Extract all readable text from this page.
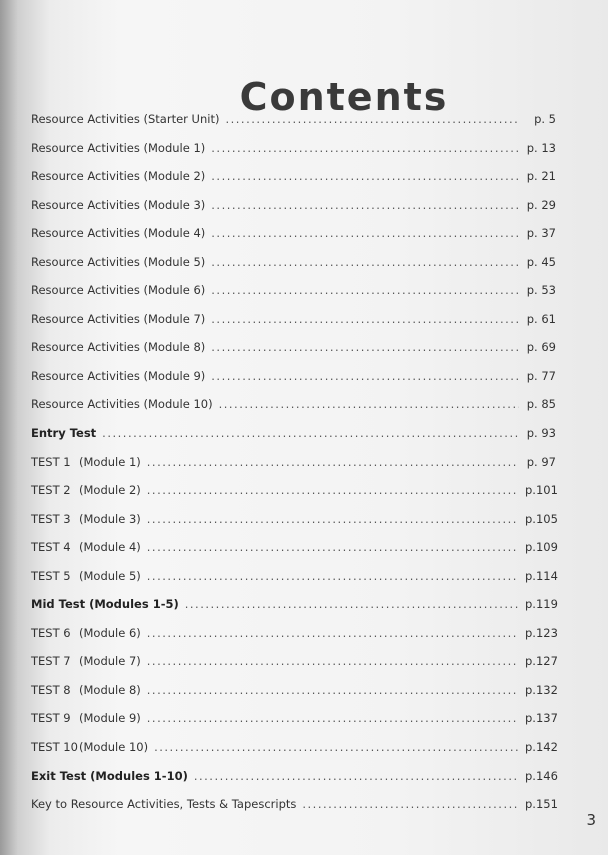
Contents
Resource Activities (Starter Unit) .....	p. 5
Resource Activities (Module 1) .....	p. 13
Resource Activities (Module 2) .....	p. 21
Resource Activities (Module 3) .....	p. 29
Resource Activities (Module 4) .....	p. 37
Resource Activities (Module 5) .....	p. 45
Resource Activities (Module 6) .....	p. 53
Resource Activities (Module 7) .....	p. 61
Resource Activities (Module 8) .....	p. 69
Resource Activities (Module 9) .....	p. 77
Resource Activities (Module 10) .....	p. 85
Entry Test .....	p. 93
TEST 1 (Module 1) .....	p. 97
TEST 2 (Module 2) .....	p.101
TEST 3 (Module 3) .....	p.105
TEST 4 (Module 4) .....	p.109
TEST 5 (Module 5) .....	p.114
Mid Test (Modules 1-5) .....	p.119
TEST 6 (Module 6) .....	p.123
TEST 7 (Module 7) .....	p.127
TEST 8 (Module 8) .....	p.132
TEST 9 (Module 9) .....	p.137
TEST 10(Module 10) .....	p.142
Exit Test (Modules 1-10) .....	p.146
Key to Resource Activities, Tests & Tapescripts .....	p.151
3
